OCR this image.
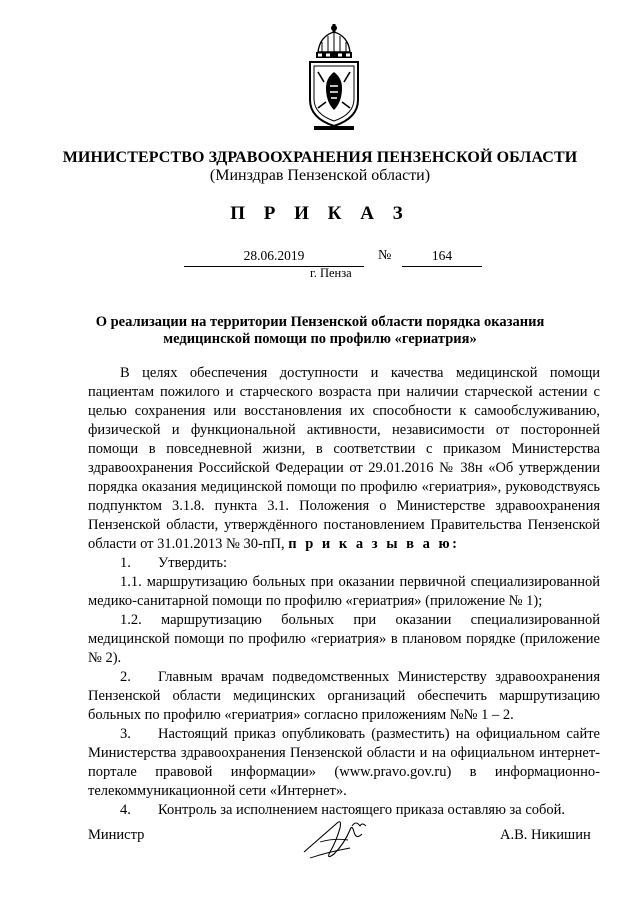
МИНИСТЕРСТВО ЗДРАВООХРАНЕНИЯ ПЕНЗЕНСКОЙ ОБЛАСТИ
(Минздрав Пензенской области)
П Р И К А З
28.06.2019	№	164
г. Пенза
О реализации на территории Пензенской области порядка оказания медицинской помощи по профилю «гериатрия»

В целях обеспечения доступности и качества медицинской помощи пациентам пожилого и старческого возраста при наличии старческой астении с целью сохранения или восстановления их способности к самообслуживанию, физической и функциональной активности, независимости от посторонней помощи в повседневной жизни, в соответствии с приказом Министерства здравоохранения Российской Федерации от 29.01.2016 № 38н «Об утверждении порядка оказания медицинской помощи по профилю «гериатрия», руководствуясь подпунктом 3.1.8. пункта 3.1. Положения о Министерстве здравоохранения Пензенской области, утверждённого постановлением Правительства Пензенской области от 31.01.2013 № 30-пП, п р и к а з ы в а ю:

1. Утвердить:

1.1. маршрутизацию больных при оказании первичной специализированной медико-санитарной помощи по профилю «гериатрия» (приложение № 1);

1.2. маршрутизацию больных при оказании специализированной медицинской помощи по профилю «гериатрия» в плановом порядке (приложение № 2).

2. Главным врачам подведомственных Министерству здравоохранения Пензенской области медицинских организаций обеспечить маршрутизацию больных по профилю «гериатрия» согласно приложениям №№ 1 – 2.

3. Настоящий приказ опубликовать (разместить) на официальном сайте Министерства здравоохранения Пензенской области и на официальном интернет-портале правовой информации» (www.pravo.gov.ru) в информационно-телекоммуникационной сети «Интернет».

4. Контроль за исполнением настоящего приказа оставляю за собой.

Министр	А.В. Никишин
